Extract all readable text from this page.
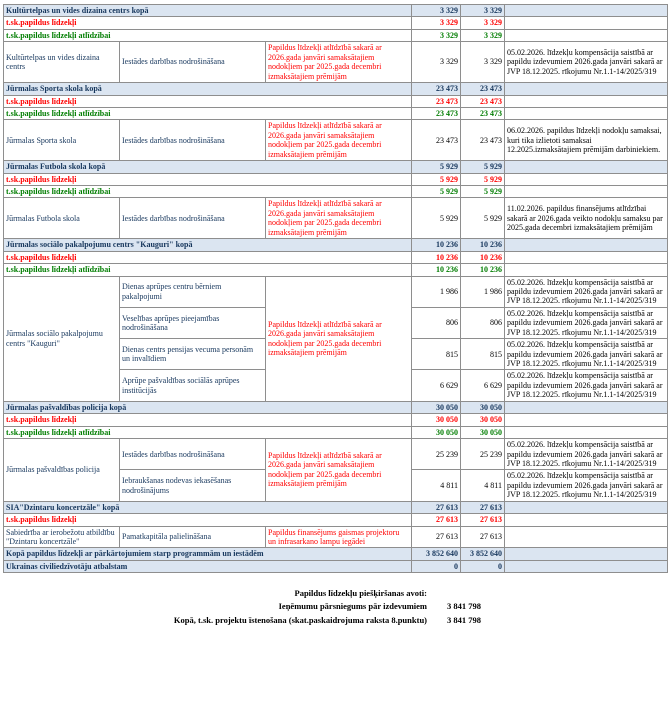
Kultūrtelpas un vides dizaina centrs kopā			3 329	3 329	
t.sk.papildus līdzekļi			3 329	3 329	
t.sk.papildus līdzekļi atlīdzībai			3 329	3 329	
Kultūrtelpas un vides dizaina centrs	Iestādes darbības nodrošināšana	Papildus līdzekļi atlīdzībā sakarā ar 2026.gada janvāri samaksātajiem nodokļiem par 2025.gada decembri izmaksātajiem prēmijām	3 329	3 329	05.02.2026. līdzekļu kompensācija saistībā ar papildu izdevumiem 2026.gada janvāri sakarā ar JVP 18.12.2025. rīkojumu Nr.1.1-14/2025/319
Jūrmalas Sporta skola kopā			23 473	23 473	
t.sk.papildus līdzekļi			23 473	23 473	
t.sk.papildus līdzekļi atlīdzībai			23 473	23 473	
Jūrmalas Sporta skola	Iestādes darbības nodrošināšana	Papildus līdzekļi atlīdzībā sakarā ar 2026.gada janvāri samaksātajiem nodokļiem par 2025.gada decembri izmaksātajiem prēmijām	23 473	23 473	06.02.2026. papildus līdzekļi nodokļu samaksai, kuri tika izlietoti samaksai 12.2025.izmaksātajiem prēmijām darbiniekiem.
Jūrmalas Futbola skola kopā			5 929	5 929	
t.sk.papildus līdzekļi			5 929	5 929	
t.sk.papildus līdzekļi atlīdzībai			5 929	5 929	
Jūrmalas Futbola skola	Iestādes darbības nodrošināšana	Papildus līdzekļi atlīdzībā sakarā ar 2026.gada janvāri samaksātajiem nodokļiem par 2025.gada decembri izmaksātajiem prēmijām	5 929	5 929	11.02.2026. papildus finansējums atlīdzībai sakarā ar 2026.gada veikto nodokļu samaksu par 2025.gada decembri izmaksātajiem prēmijām
Jūrmalas sociālo pakalpojumu centrs "Kauguri" kopā			10 236	10 236	
t.sk.papildus līdzekļi			10 236	10 236	
t.sk.papildus līdzekļi atlīdzībai			10 236	10 236	
Jūrmalas sociālo pakalpojumu centrs "Kauguri"	Dienas aprūpes centru bērniem pakalpojumi	Papildus līdzekļi atlīdzībā sakarā ar 2026.gada janvāri samaksātajiem nodokļiem par 2025.gada decembri izmaksātajiem prēmijām	1 986	1 986	05.02.2026. līdzekļu kompensācija saistībā ar papildu izdevumiem 2026.gada janvāri sakarā ar JVP 18.12.2025. rīkojumu Nr.1.1-14/2025/319
	Veselības aprūpes pieejamības nodrošināšana		806	806	05.02.2026. līdzekļu kompensācija saistībā ar papildu izdevumiem 2026.gada janvāri sakarā ar JVP 18.12.2025. rīkojumu Nr.1.1-14/2025/319
	Dienas centrs pensijas vecuma personām un invalīdiem		815	815	05.02.2026. līdzekļu kompensācija saistībā ar papildu izdevumiem 2026.gada janvāri sakarā ar JVP 18.12.2025. rīkojumu Nr.1.1-14/2025/319
	Aprūpe pašvaldības sociālās aprūpes institūcijās		6 629	6 629	05.02.2026. līdzekļu kompensācija saistībā ar papildu izdevumiem 2026.gada janvāri sakarā ar JVP 18.12.2025. rīkojumu Nr.1.1-14/2025/319
Jūrmalas pašvaldības policija kopā			30 050	30 050	
t.sk.papildus līdzekļi			30 050	30 050	
t.sk.papildus līdzekļi atlīdzībai			30 050	30 050	
Jūrmalas pašvaldības policija	Iestādes darbības nodrošināšana	Papildus līdzekļi atlīdzībā sakarā ar 2026.gada janvāri samaksātajiem nodokļiem par 2025.gada decembri izmaksātajiem prēmijām	25 239	25 239	05.02.2026. līdzekļu kompensācija saistībā ar papildu izdevumiem 2026.gada janvāri sakarā ar JVP 18.12.2025. rīkojumu Nr.1.1-14/2025/319
	Iebraukšanas nodevas iekasēšanas nodrošinājums		4 811	4 811	05.02.2026. līdzekļu kompensācija saistībā ar papildu izdevumiem 2026.gada janvāri sakarā ar JVP 18.12.2025. rīkojumu Nr.1.1-14/2025/319
SIA"Dzintaru koncertzāle" kopā			27 613	27 613	
t.sk.papildus līdzekļi			27 613	27 613	
Sabiedrība ar ierobežotu atbildību "Dzintaru koncertzāle"	Pamatkapitāla palielināšana	Papildus finansējums gaismas projektoru un infrasarkano lampu iegādei	27 613	27 613	
Kopā papildus līdzekļi ar pārkārtojumiem starp programmām un iestādēm			3 852 640	3 852 640	
Ukrainas civiliedzīvotāju atbalstam			0	0	
Papildus līdzekļu piešķiršanas avoti:
Ieņēmumu pārsniegums pār izdevumiem	3 841 798
Kopā, t.sk. projektu īstenošana (skat.paskaidrojuma raksta 8.punktu)	3 841 798
